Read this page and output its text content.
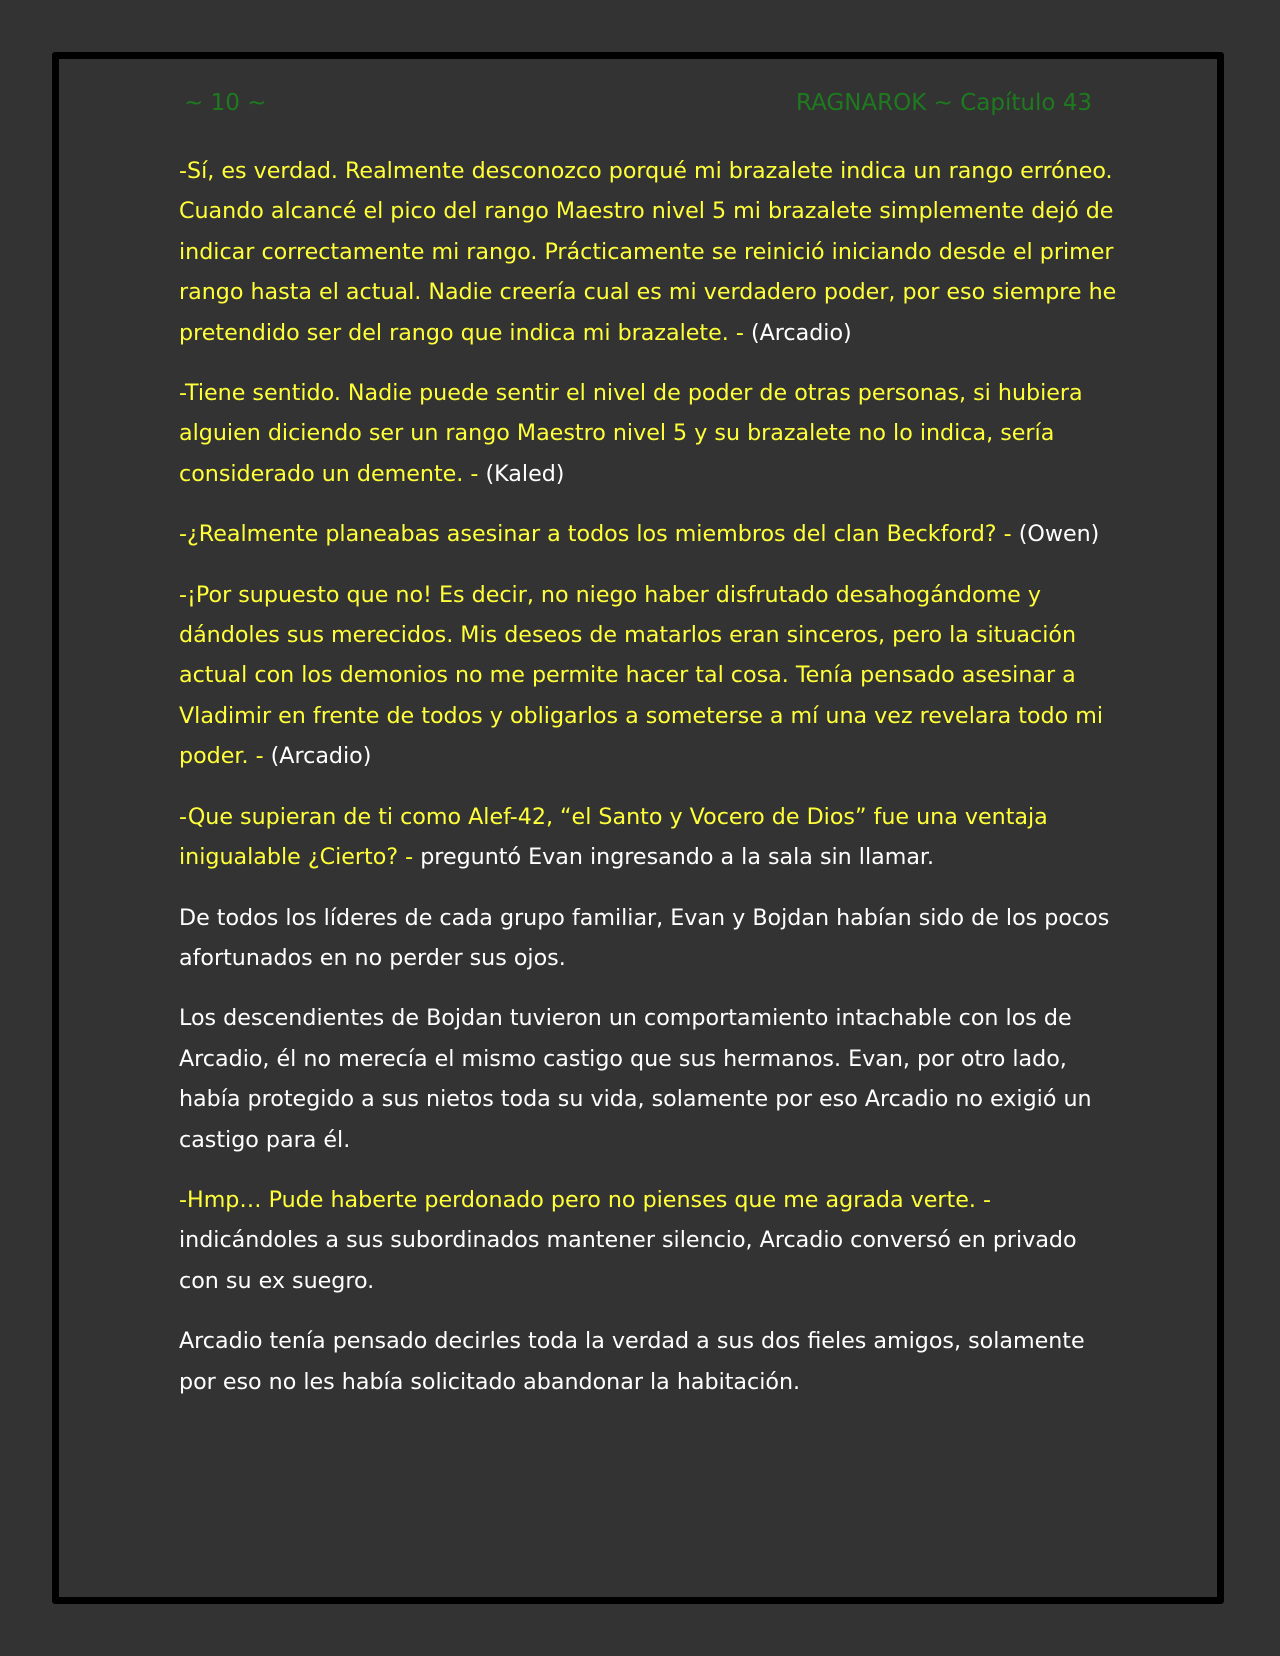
~ 10 ~	RAGNAROK ~ Capítulo 43

-Sí, es verdad. Realmente desconozco porqué mi brazalete indica un rango erróneo. Cuando alcancé el pico del rango Maestro nivel 5 mi brazalete simplemente dejó de indicar correctamente mi rango. Prácticamente se reinició iniciando desde el primer rango hasta el actual. Nadie creería cual es mi verdadero poder, por eso siempre he pretendido ser del rango que indica mi brazalete. - (Arcadio)

-Tiene sentido. Nadie puede sentir el nivel de poder de otras personas, si hubiera alguien diciendo ser un rango Maestro nivel 5 y su brazalete no lo indica, sería considerado un demente. - (Kaled)

-¿Realmente planeabas asesinar a todos los miembros del clan Beckford? - (Owen)

-¡Por supuesto que no! Es decir, no niego haber disfrutado desahogándome y dándoles sus merecidos. Mis deseos de matarlos eran sinceros, pero la situación actual con los demonios no me permite hacer tal cosa. Tenía pensado asesinar a Vladimir en frente de todos y obligarlos a someterse a mí una vez revelara todo mi poder. - (Arcadio)

-Que supieran de ti como Alef-42, “el Santo y Vocero de Dios” fue una ventaja inigualable ¿Cierto? - preguntó Evan ingresando a la sala sin llamar.

De todos los líderes de cada grupo familiar, Evan y Bojdan habían sido de los pocos afortunados en no perder sus ojos.

Los descendientes de Bojdan tuvieron un comportamiento intachable con los de Arcadio, él no merecía el mismo castigo que sus hermanos. Evan, por otro lado, había protegido a sus nietos toda su vida, solamente por eso Arcadio no exigió un castigo para él.

-Hmp… Pude haberte perdonado pero no pienses que me agrada verte. - indicándoles a sus subordinados mantener silencio, Arcadio conversó en privado con su ex suegro.

Arcadio tenía pensado decirles toda la verdad a sus dos fieles amigos, solamente por eso no les había solicitado abandonar la habitación.
